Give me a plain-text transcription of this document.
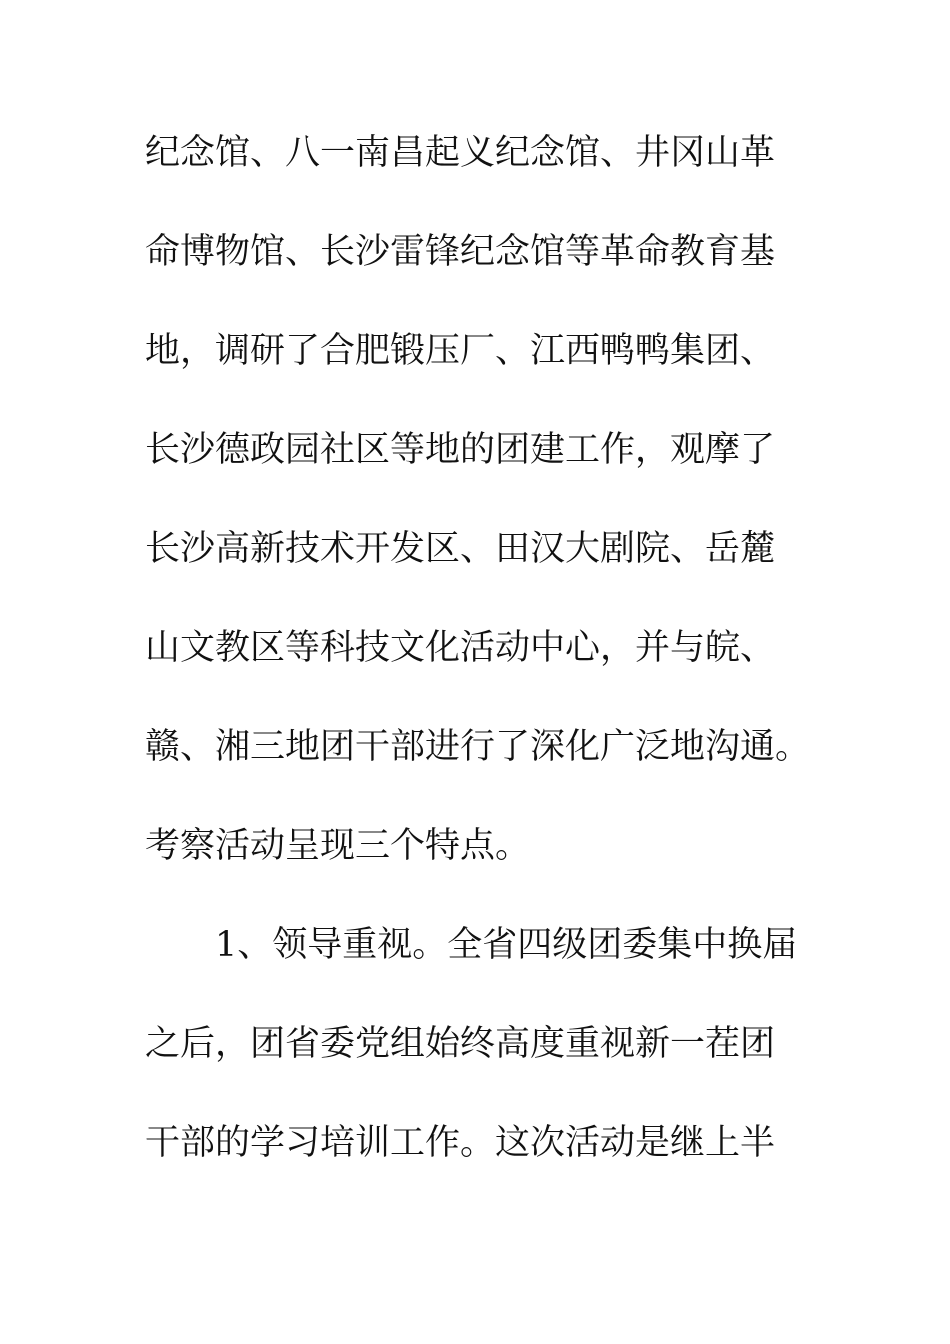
纪念馆、八一南昌起义纪念馆、井冈山革
命博物馆、长沙雷锋纪念馆等革命教育基
地，调研了合肥锻压厂、江西鸭鸭集团、
长沙德政园社区等地的团建工作，观摩了
长沙高新技术开发区、田汉大剧院、岳麓
山文教区等科技文化活动中心，并与皖、
赣、湘三地团干部进行了深化广泛地沟通。
考察活动呈现三个特点。
1、领导重视。全省四级团委集中换届
之后，团省委党组始终高度重视新一茬团
干部的学习培训工作。这次活动是继上半
